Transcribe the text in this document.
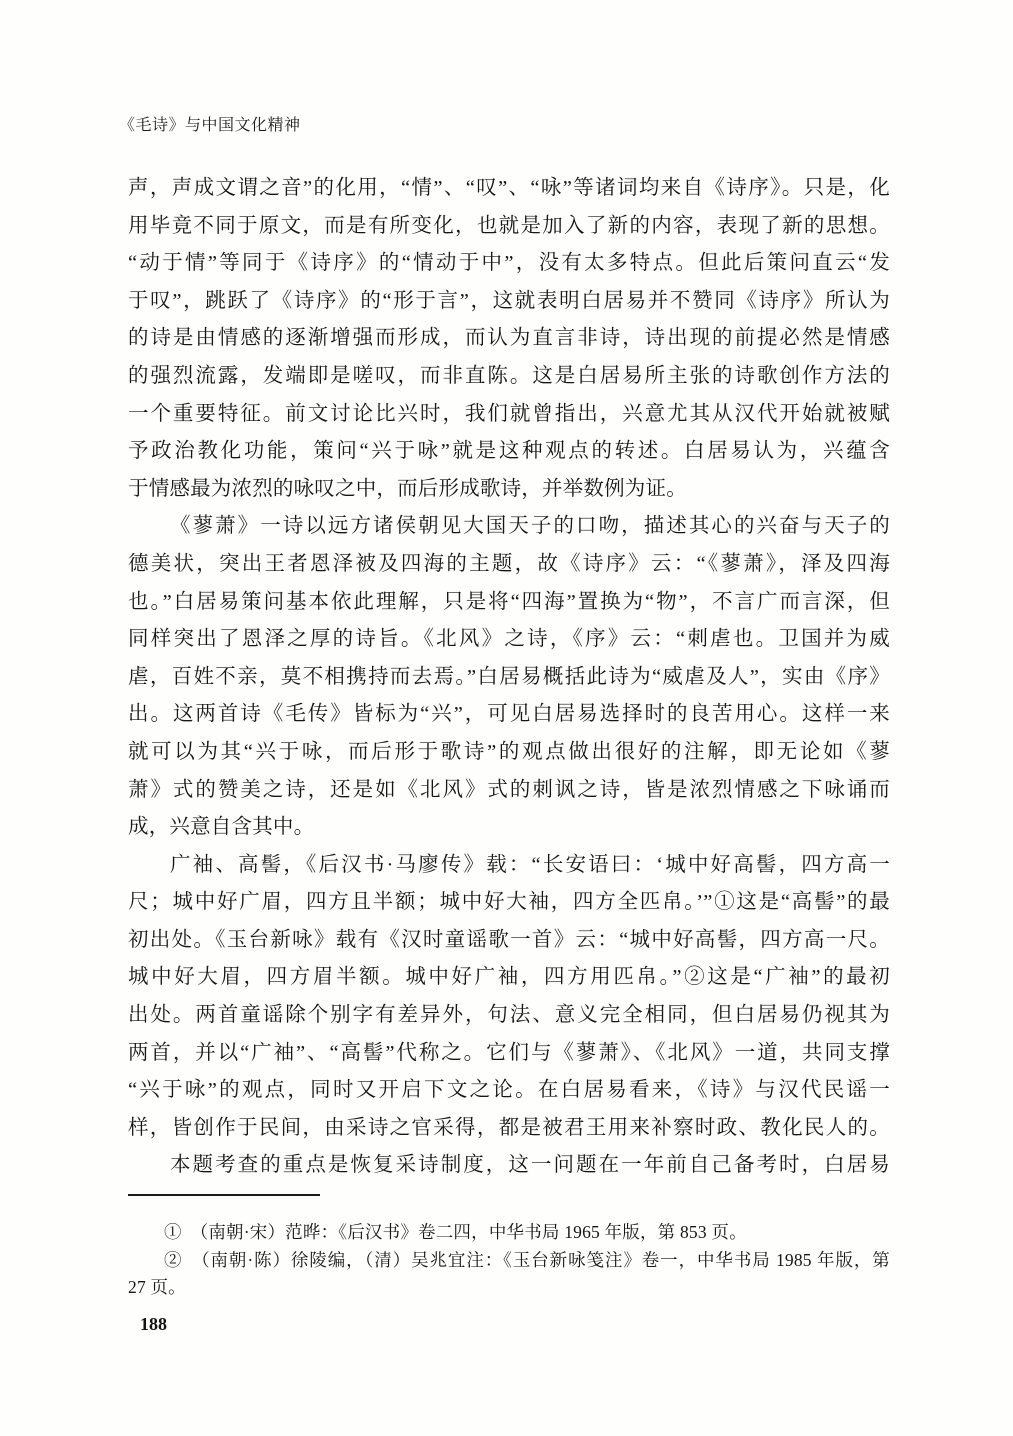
《毛诗》与中国文化精神
声，声成文谓之音”的化用，“情”、“叹”、“咏”等诸词均来自《诗序》。只是，化
用毕竟不同于原文，而是有所变化，也就是加入了新的内容，表现了新的思想。
“动于情”等同于《诗序》的“情动于中”，没有太多特点。但此后策问直云“发
于叹”，跳跃了《诗序》的“形于言”，这就表明白居易并不赞同《诗序》所认为
的诗是由情感的逐渐增强而形成，而认为直言非诗，诗出现的前提必然是情感
的强烈流露，发端即是嗟叹，而非直陈。这是白居易所主张的诗歌创作方法的
一个重要特征。前文讨论比兴时，我们就曾指出，兴意尤其从汉代开始就被赋
予政治教化功能，策问“兴于咏”就是这种观点的转述。白居易认为，兴蕴含
于情感最为浓烈的咏叹之中，而后形成歌诗，并举数例为证。
《蓼萧》一诗以远方诸侯朝见大国天子的口吻，描述其心的兴奋与天子的
德美状，突出王者恩泽被及四海的主题，故《诗序》云：“《蓼萧》，泽及四海
也。”白居易策问基本依此理解，只是将“四海”置换为“物”，不言广而言深，但
同样突出了恩泽之厚的诗旨。《北风》之诗，《序》云：“刺虐也。卫国并为威
虐，百姓不亲，莫不相携持而去焉。”白居易概括此诗为“威虐及人”，实由《序》
出。这两首诗《毛传》皆标为“兴”，可见白居易选择时的良苦用心。这样一来
就可以为其“兴于咏，而后形于歌诗”的观点做出很好的注解，即无论如《蓼
萧》式的赞美之诗，还是如《北风》式的刺讽之诗，皆是浓烈情感之下咏诵而
成，兴意自含其中。
广袖、高髻，《后汉书·马廖传》载：“长安语曰：‘城中好高髻，四方高一
尺；城中好广眉，四方且半额；城中好大袖，四方全匹帛。’”①这是“高髻”的最
初出处。《玉台新咏》载有《汉时童谣歌一首》云：“城中好高髻，四方高一尺。
城中好大眉，四方眉半额。城中好广袖，四方用匹帛。”②这是“广袖”的最初
出处。两首童谣除个别字有差异外，句法、意义完全相同，但白居易仍视其为
两首，并以“广袖”、“高髻”代称之。它们与《蓼萧》、《北风》一道，共同支撑
“兴于咏”的观点，同时又开启下文之论。在白居易看来，《诗》与汉代民谣一
样，皆创作于民间，由采诗之官采得，都是被君王用来补察时政、教化民人的。
本题考查的重点是恢复采诗制度，这一问题在一年前自己备考时，白居易
①　（南朝·宋）范晔：《后汉书》卷二四，中华书局 1965 年版，第 853 页。
②　（南朝·陈）徐陵编，（清）吴兆宜注：《玉台新咏笺注》卷一，中华书局 1985 年版，第
27 页。
188
